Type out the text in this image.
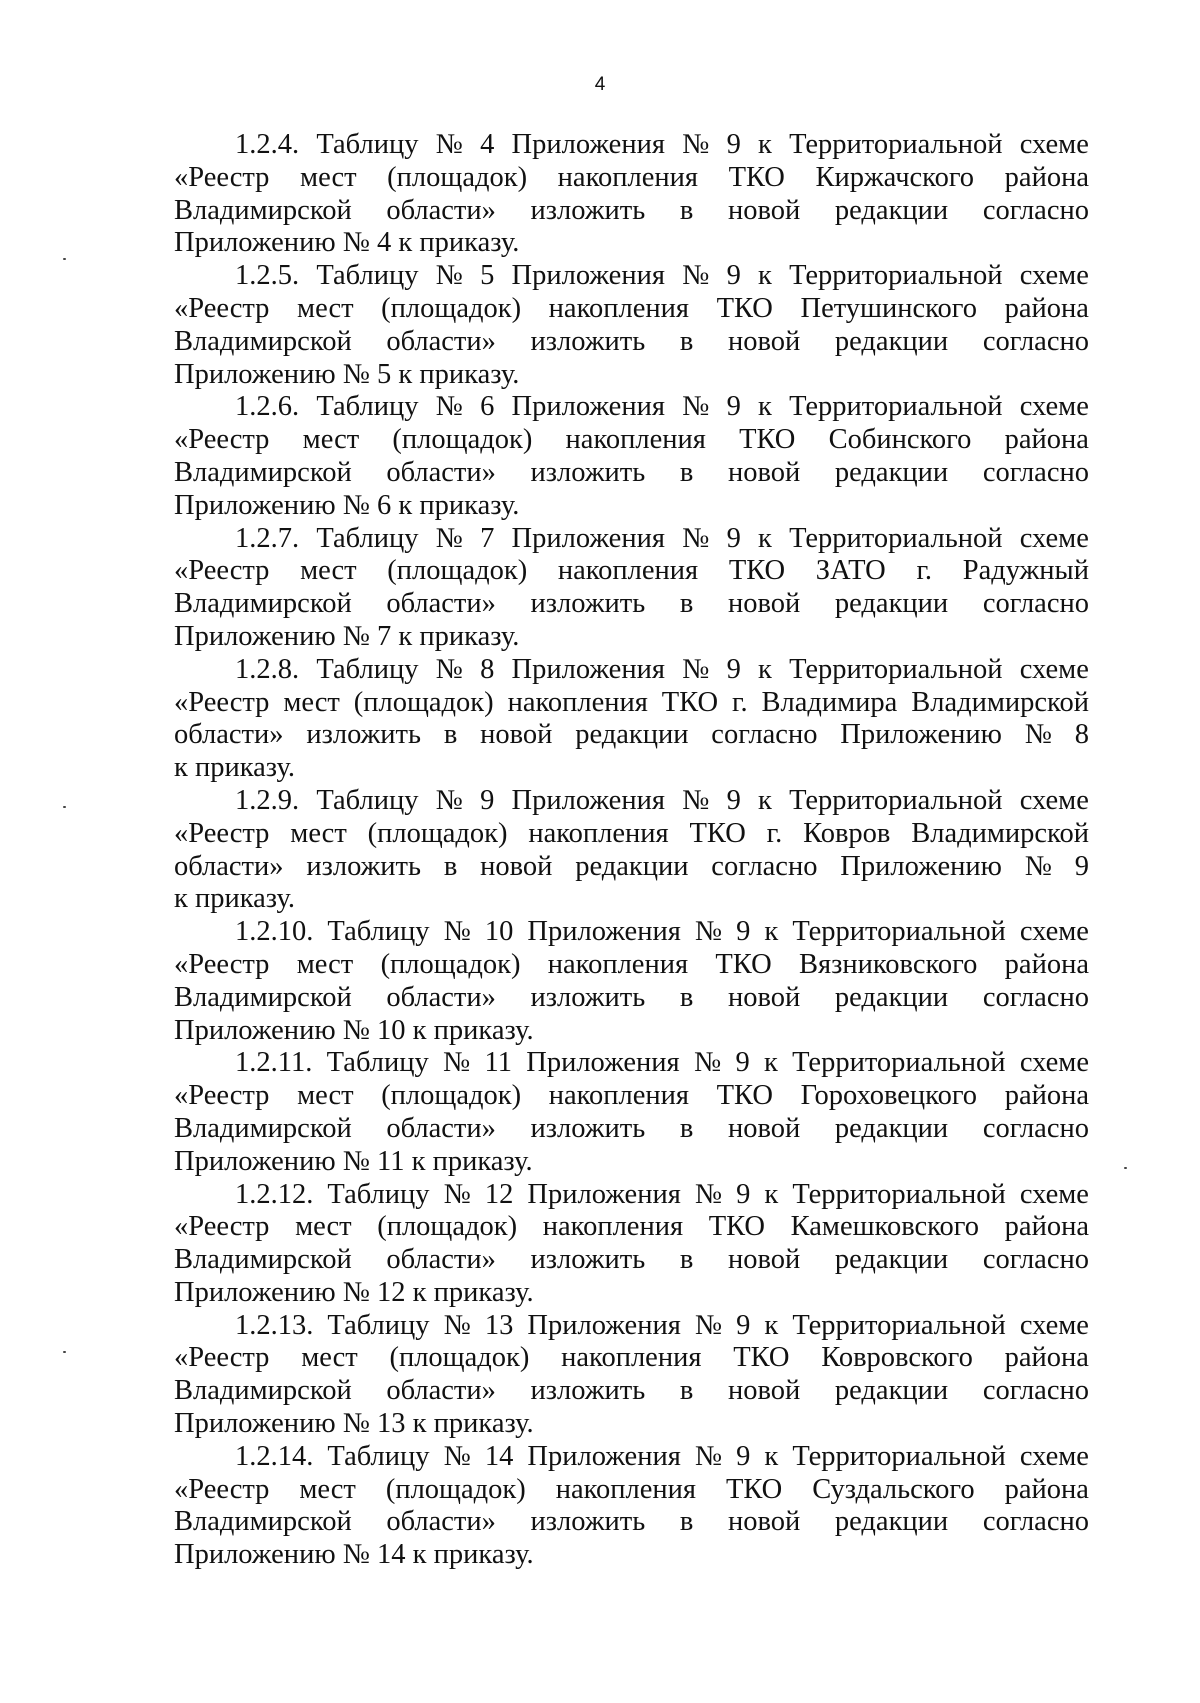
4

1.2.4. Таблицу № 4 Приложения № 9 к Территориальной схеме
«Реестр мест (площадок) накопления ТКО Киржачского района
Владимирской области» изложить в новой редакции согласно
Приложению № 4 к приказу.

1.2.5. Таблицу № 5 Приложения № 9 к Территориальной схеме
«Реестр мест (площадок) накопления ТКО Петушинского района
Владимирской области» изложить в новой редакции согласно
Приложению № 5 к приказу.

1.2.6. Таблицу № 6 Приложения № 9 к Территориальной схеме
«Реестр мест (площадок) накопления ТКО Собинского района
Владимирской области» изложить в новой редакции согласно
Приложению № 6 к приказу.

1.2.7. Таблицу № 7 Приложения № 9 к Территориальной схеме
«Реестр мест (площадок) накопления ТКО ЗАТО г. Радужный
Владимирской области» изложить в новой редакции согласно
Приложению № 7 к приказу.

1.2.8. Таблицу № 8 Приложения № 9 к Территориальной схеме
«Реестр мест (площадок) накопления ТКО г. Владимира Владимирской
области» изложить в новой редакции согласно Приложению № 8
к приказу.

1.2.9. Таблицу № 9 Приложения № 9 к Территориальной схеме
«Реестр мест (площадок) накопления ТКО г. Ковров Владимирской
области» изложить в новой редакции согласно Приложению № 9
к приказу.

1.2.10. Таблицу № 10 Приложения № 9 к Территориальной схеме
«Реестр мест (площадок) накопления ТКО Вязниковского района
Владимирской области» изложить в новой редакции согласно
Приложению № 10 к приказу.

1.2.11. Таблицу № 11 Приложения № 9 к Территориальной схеме
«Реестр мест (площадок) накопления ТКО Гороховецкого района
Владимирской области» изложить в новой редакции согласно
Приложению № 11 к приказу.

1.2.12. Таблицу № 12 Приложения № 9 к Территориальной схеме
«Реестр мест (площадок) накопления ТКО Камешковского района
Владимирской области» изложить в новой редакции согласно
Приложению № 12 к приказу.

1.2.13. Таблицу № 13 Приложения № 9 к Территориальной схеме
«Реестр мест (площадок) накопления ТКО Ковровского района
Владимирской области» изложить в новой редакции согласно
Приложению № 13 к приказу.

1.2.14. Таблицу № 14 Приложения № 9 к Территориальной схеме
«Реестр мест (площадок) накопления ТКО Суздальского района
Владимирской области» изложить в новой редакции согласно
Приложению № 14 к приказу.
